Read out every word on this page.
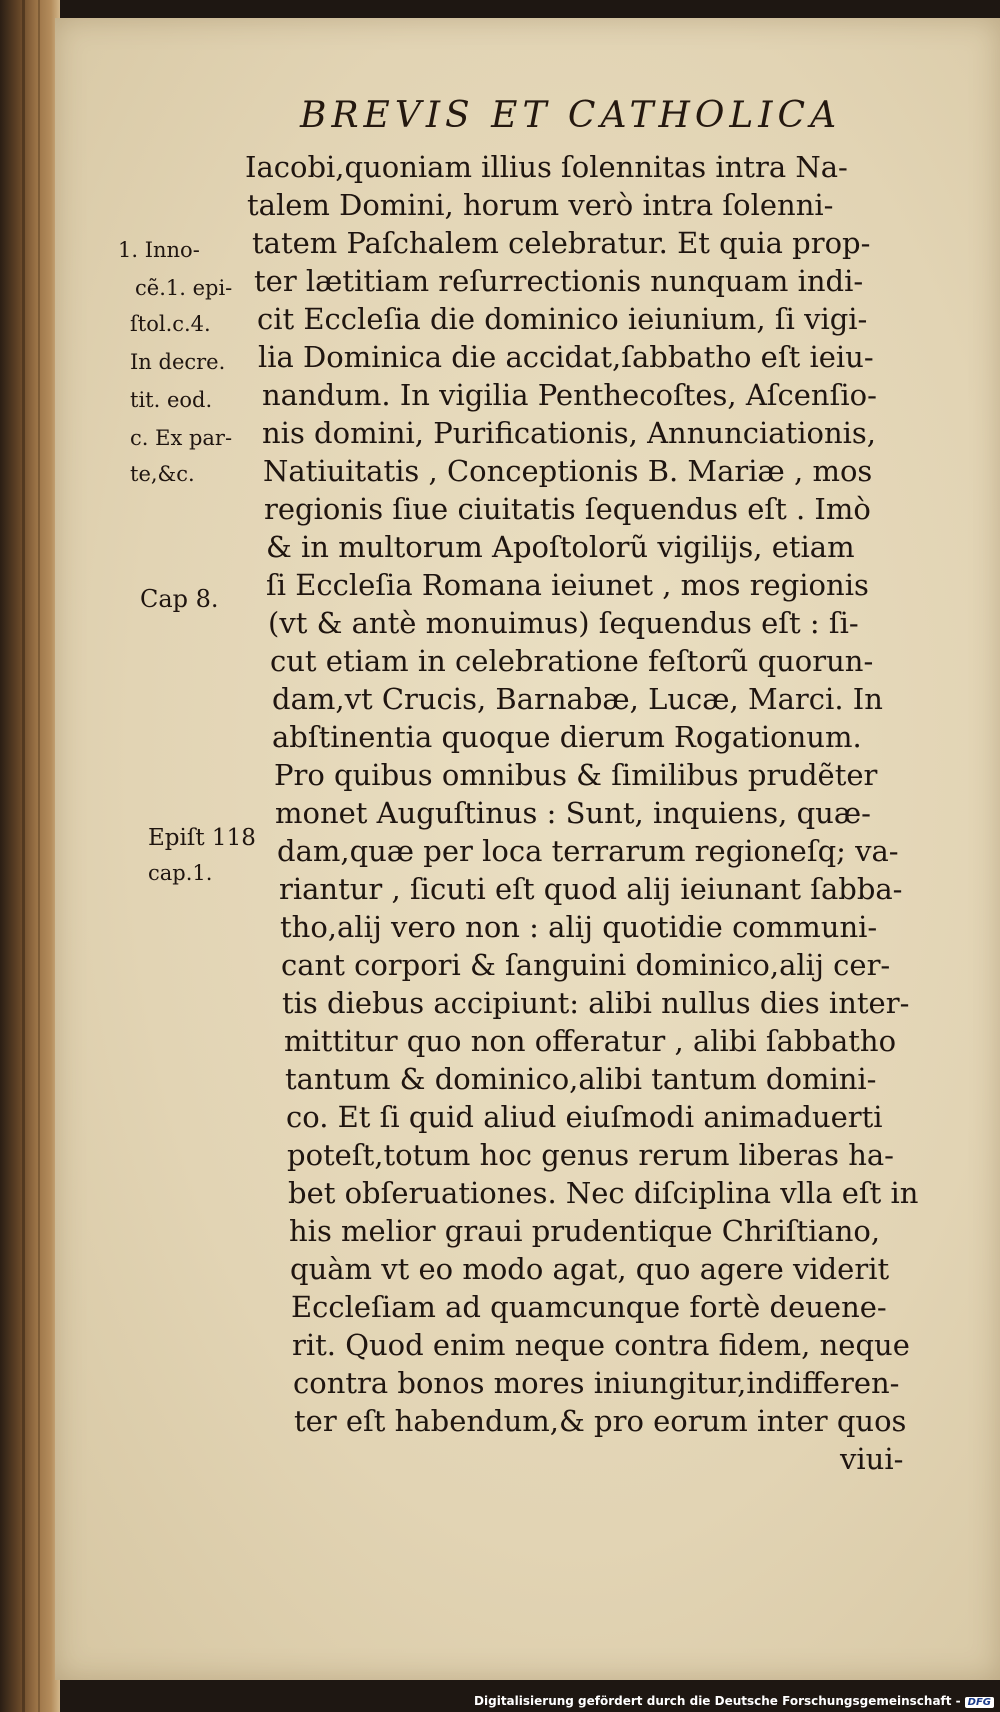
BREVIS ET CATHOLICA
Iacobi,quoniam illius ſolennitas intra Na-
talem Domini, horum verò intra ſolenni-
tatem Paſchalem celebratur. Et quia prop-
ter lætitiam reſurrectionis nunquam indi-
cit Eccleſia die dominico ieiunium, ſi vigi-
lia Dominica die accidat,ſabbatho eſt ieiu-
nandum. In vigilia Penthecoſtes, Aſcenſio-
nis domini, Purificationis, Annunciationis,
Natiuitatis , Conceptionis B. Mariæ , mos
regionis ſiue ciuitatis ſequendus eſt . Imò
& in multorum Apoſtolorũ vigilijs, etiam
ſi Eccleſia Romana ieiunet , mos regionis
(vt & antè monuimus) ſequendus eſt : ſi-
cut etiam in celebratione feſtorũ quorun-
dam,vt Crucis, Barnabæ, Lucæ, Marci. In
abſtinentia quoque dierum Rogationum.
Pro quibus omnibus & ſimilibus prudẽter
monet Auguſtinus : Sunt, inquiens, quæ-
dam,quæ per loca terrarum regioneſq; va-
riantur , ſicuti eſt quod alij ieiunant ſabba-
tho,alij vero non : alij quotidie communi-
cant corpori & ſanguini dominico,alij cer-
tis diebus accipiunt: alibi nullus dies inter-
mittitur quo non offeratur , alibi ſabbatho
tantum & dominico,alibi tantum domini-
co. Et ſi quid aliud eiuſmodi animaduerti
poteſt,totum hoc genus rerum liberas ha-
bet obſeruationes. Nec diſciplina vlla eſt in
his melior graui prudentique Chriſtiano,
quàm vt eo modo agat, quo agere viderit
Eccleſiam ad quamcunque fortè deuene-
rit. Quod enim neque contra fidem, neque
contra bonos mores iniungitur,indifferen-
ter eſt habendum,& pro eorum inter quos
viui-
1. Inno-
cẽ.1. epi-
ſtol.c.4.
In decre.
tit. eod.
c. Ex par-
te,&c.
Cap 8.
Epiſt 118
cap.1.
Digitalisierung gefördert durch die Deutsche Forschungsgemeinschaft - DFG
